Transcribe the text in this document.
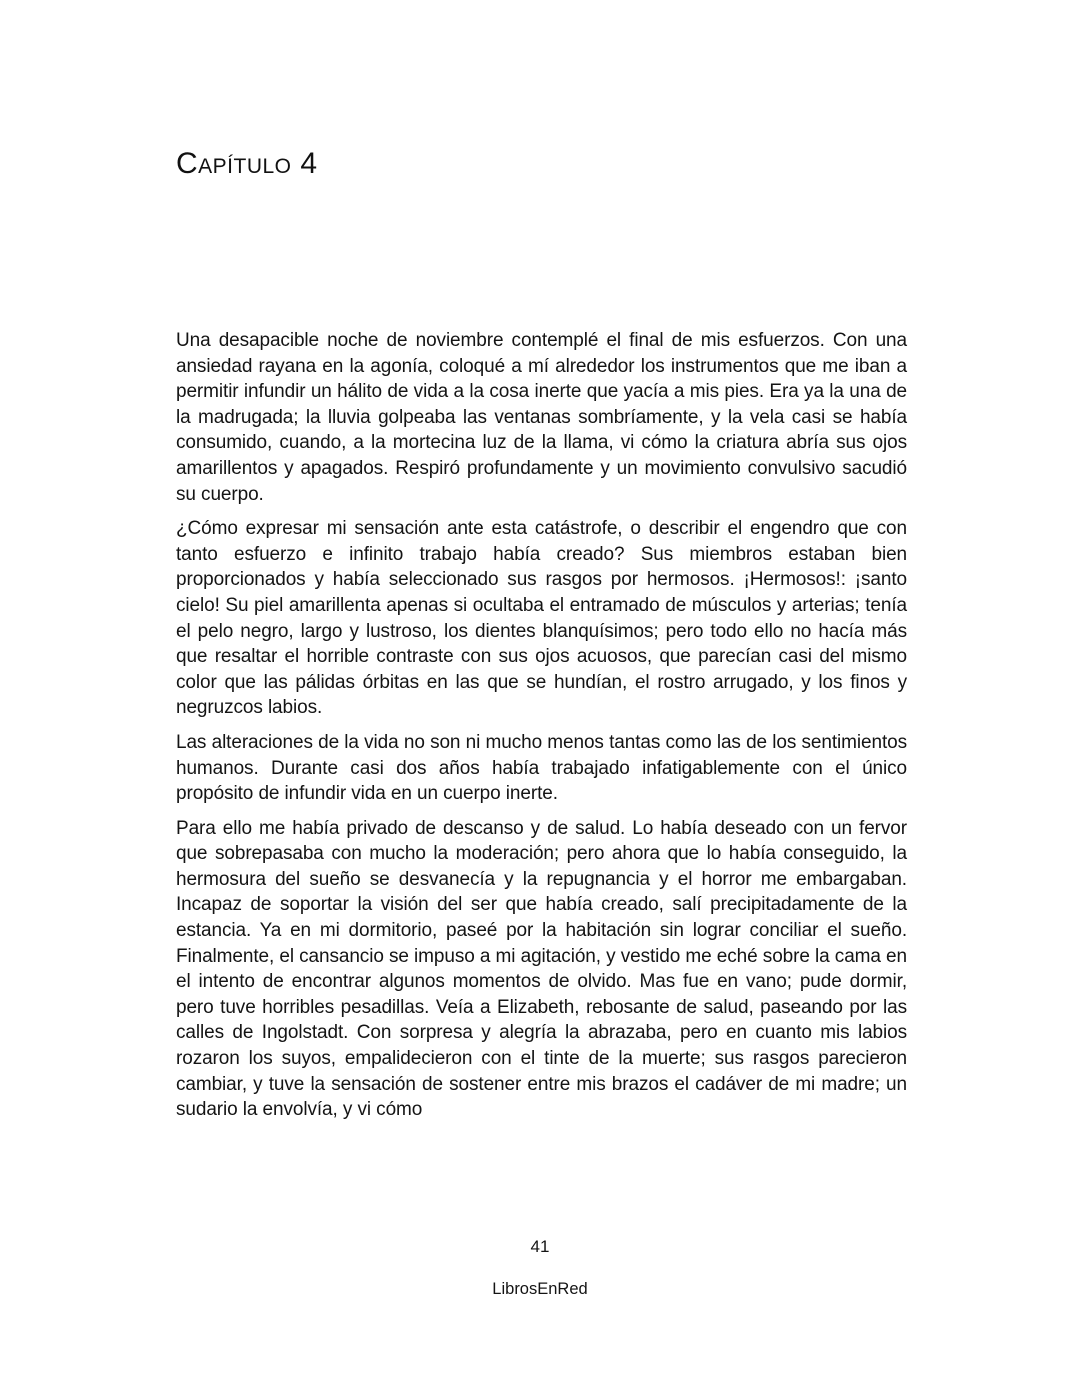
Capítulo 4

Una desapacible noche de noviembre contemplé el final de mis esfuerzos. Con una ansiedad rayana en la agonía, coloqué a mí alrededor los instrumentos que me iban a permitir infundir un hálito de vida a la cosa inerte que yacía a mis pies. Era ya la una de la madrugada; la lluvia golpeaba las ventanas sombríamente, y la vela casi se había consumido, cuando, a la mortecina luz de la llama, vi cómo la criatura abría sus ojos amarillentos y apagados. Respiró profundamente y un movimiento convulsivo sacudió su cuerpo.

¿Cómo expresar mi sensación ante esta catástrofe, o describir el engendro que con tanto esfuerzo e infinito trabajo había creado? Sus miembros estaban bien proporcionados y había seleccionado sus rasgos por hermosos. ¡Hermosos!: ¡santo cielo! Su piel amarillenta apenas si ocultaba el entramado de músculos y arterias; tenía el pelo negro, largo y lustroso, los dientes blanquísimos; pero todo ello no hacía más que resaltar el horrible contraste con sus ojos acuosos, que parecían casi del mismo color que las pálidas órbitas en las que se hundían, el rostro arrugado, y los finos y negruzcos labios.

Las alteraciones de la vida no son ni mucho menos tantas como las de los sentimientos humanos. Durante casi dos años había trabajado infatigablemente con el único propósito de infundir vida en un cuerpo inerte.

Para ello me había privado de descanso y de salud. Lo había deseado con un fervor que sobrepasaba con mucho la moderación; pero ahora que lo había conseguido, la hermosura del sueño se desvanecía y la repugnancia y el horror me embargaban. Incapaz de soportar la visión del ser que había creado, salí precipitadamente de la estancia. Ya en mi dormitorio, paseé por la habitación sin lograr conciliar el sueño. Finalmente, el cansancio se impuso a mi agitación, y vestido me eché sobre la cama en el intento de encontrar algunos momentos de olvido. Mas fue en vano; pude dormir, pero tuve horribles pesadillas. Veía a Elizabeth, rebosante de salud, paseando por las calles de Ingolstadt. Con sorpresa y alegría la abrazaba, pero en cuanto mis labios rozaron los suyos, empalidecieron con el tinte de la muerte; sus rasgos parecieron cambiar, y tuve la sensación de sostener entre mis brazos el cadáver de mi madre; un sudario la envolvía, y vi cómo

41
LibrosEnRed
